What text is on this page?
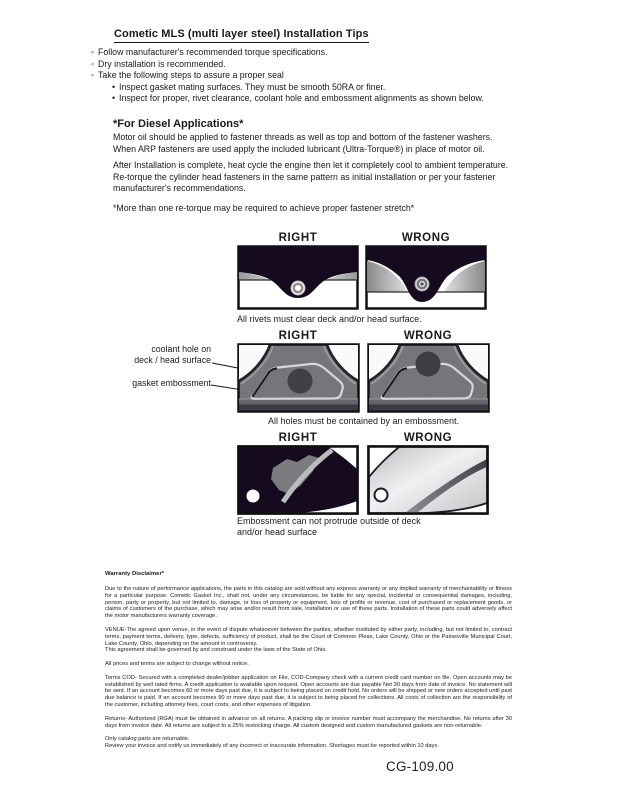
Cometic MLS (multi layer steel) Installation Tips
◦ Follow manufacturer's recommended torque specifications.
◦ Dry installation is recommended.
◦ Take the following steps to assure a proper seal
• Inspect gasket mating surfaces. They must be smooth 50RA or finer.
• Inspect for proper, rivet clearance, coolant hole and embossment alignments as shown below.
*For Diesel Applications*
Motor oil should be applied to fastener threads as well as top and bottom of the fastener washers. When ARP fasteners are used apply the included lubricant (Ultra-Torque®) in place of motor oil.
After Installation is complete, heat cycle the engine then let it completely cool to ambient temperature. Re-torque the cylinder head fasteners in the same pattern as initial installation or per your fastener manufacturer's recommendations.
*More than one re-torque may be required to achieve proper fastener stretch*
RIGHT	WRONG
All rivets must clear deck and/or head surface.
RIGHT	WRONG
coolant hole on
deck / head surface
gasket embossment
All holes must be contained by an embossment.
RIGHT	WRONG
Embossment can not protrude outside of deck and/or head surface
Warranty Disclaimer*

Due to the nature of performance applications, the parts in this catalog are sold without any express warranty or any implied warranty of merchantability or fitness for a particular purpose. Cometic Gasket Inc., shall not, under any circumstances, be liable for any special, incidental or consequential damages, including, person, party or property, but not limited to, damage, or loss of property or equipment, loss of profits or revenue, cost of purchased or replacement goods, or claims of customers of the purchase, which may arise and/or result from sale, installation or use of these parts. Installation of these parts could adversely affect the motor manufacturers warranty coverage.

VENUE-The agreed upon venue, in the event of dispute whatsoever between the parties, whether instituted by either party, including, but not limited to, contract terms, payment terms, delivery, type, defects, sufficiency of product, shall be the Court of Common Pleas, Lake County, Ohio or the Painesville Municipal Court, Lake County, Ohio, depending on the amount in controversy.

This agreement shall be governed by and construed under the laws of the State of Ohio.

All prices and terms are subject to change without notice.

Terms COD- Secured with a completed dealer/jobber application on File, COD-Company check with a current credit card number on file. Open accounts may be established by well rated firms. A credit application is available upon request. Open accounts are due payable Net 30 days from date of invoice. No statement will be sent. If an account becomes 60 or more days past due, it is subject to being placed on credit hold. No orders will be shipped or new orders accepted until past due balance is paid. If an account becomes 90 or more days past due, it is subject to being placed for collections. All costs of collection are the responsibility of the customer, including attorney fees, court costs, and other expenses of litigation.

Returns- Authorized (RGA) must be obtained in advance on all returns. A packing slip or invoice number must accompany the merchandise. No returns after 30 days from invoice date. All returns are subject to a 25% restocking charge. All custom designed and custom manufactured gaskets are non-returnable.

Only catalog parts are returnable.

Review your invoice and notify us immediately of any incorrect or inaccurate information. Shortages must be reported within 10 days.

CG-109.00
